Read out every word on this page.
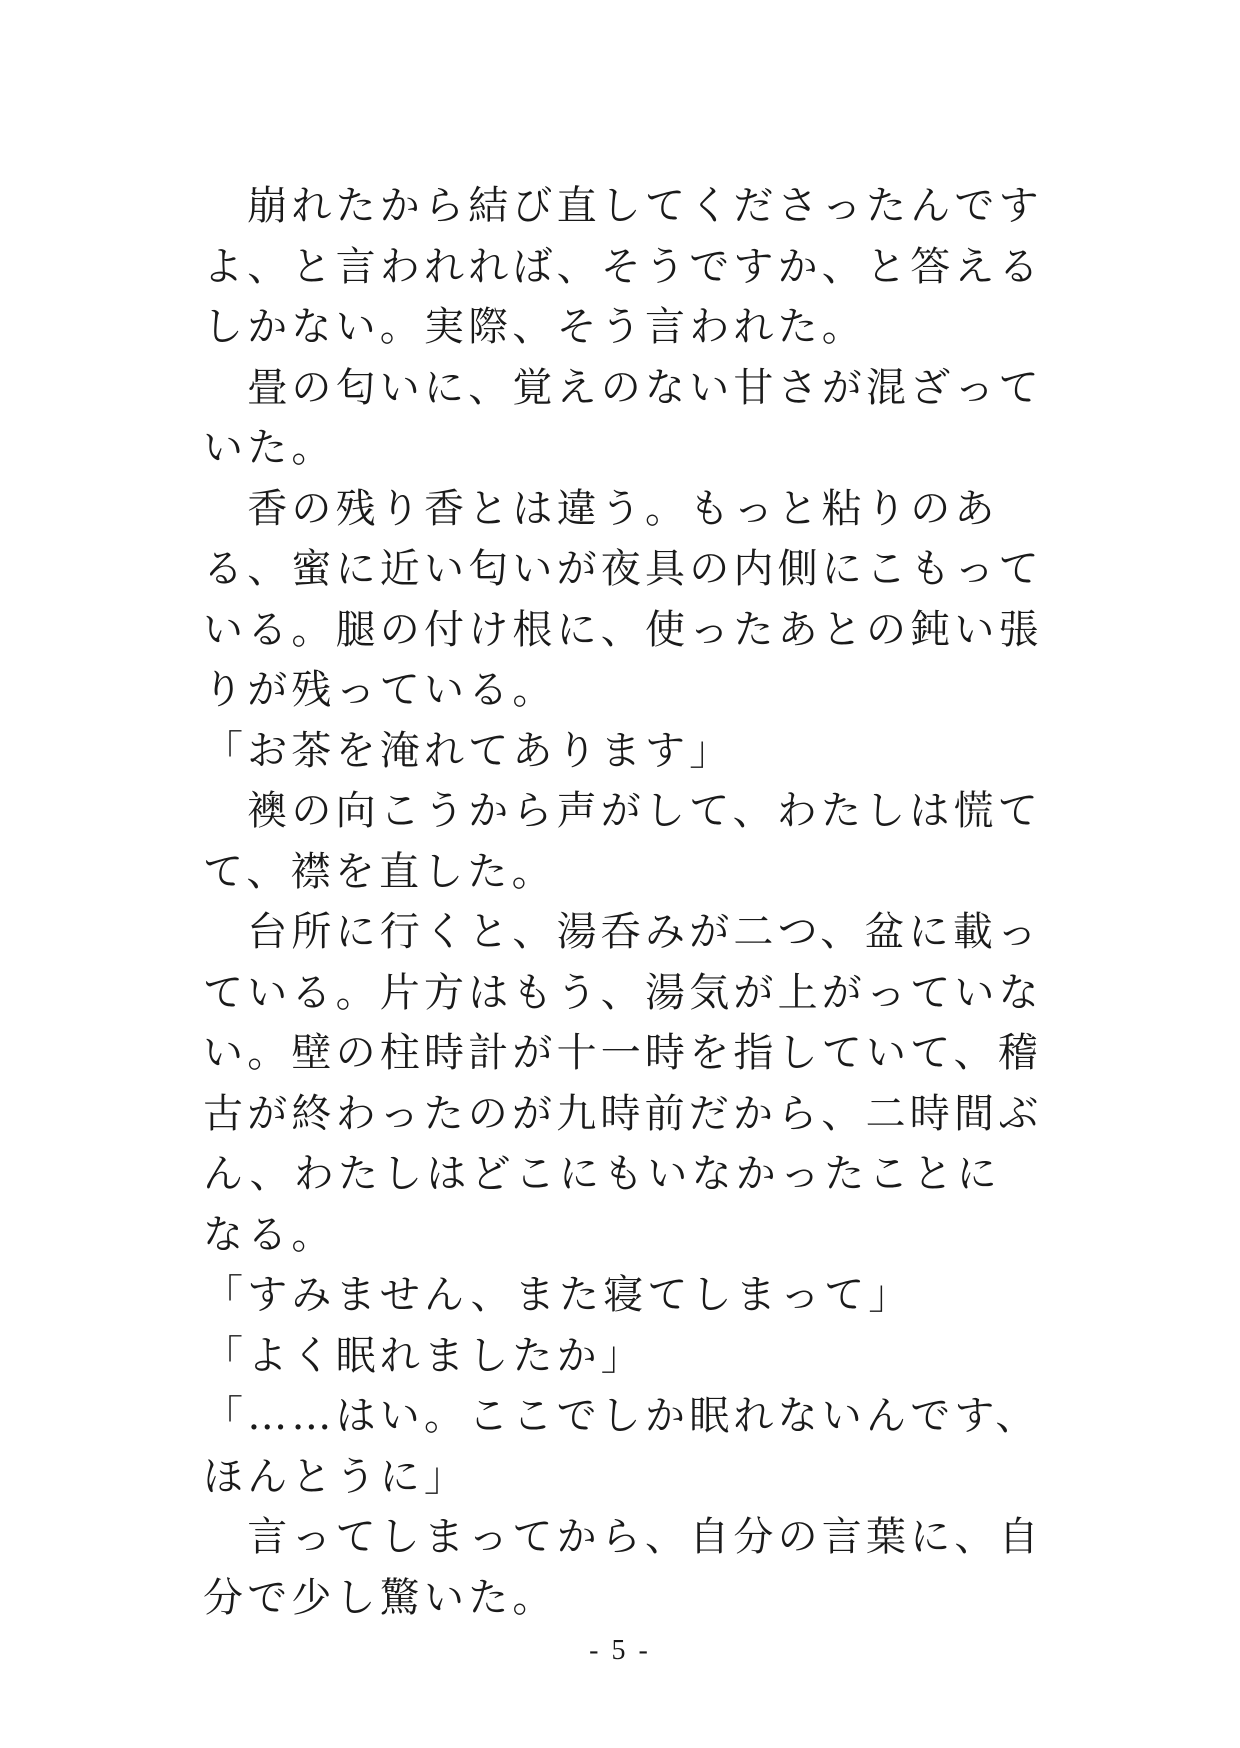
　崩れたから結び直してくださったんですよ、と言われれば、そうですか、と答えるしかない。実際、そう言われた。

　畳の匂いに、覚えのない甘さが混ざっていた。

　香の残り香とは違う。もっと粘りのある、蜜に近い匂いが夜具の内側にこもっている。腿の付け根に、使ったあとの鈍い張りが残っている。

「お茶を淹れてあります」

　襖の向こうから声がして、わたしは慌てて、襟を直した。

　台所に行くと、湯呑みが二つ、盆に載っている。片方はもう、湯気が上がっていない。壁の柱時計が十一時を指していて、稽古が終わったのが九時前だから、二時間ぶん、わたしはどこにもいなかったことになる。

「すみません、また寝てしまって」

「よく眠れましたか」

「……はい。ここでしか眠れないんです、ほんとうに」

　言ってしまってから、自分の言葉に、自分で少し驚いた。

- 5 -
